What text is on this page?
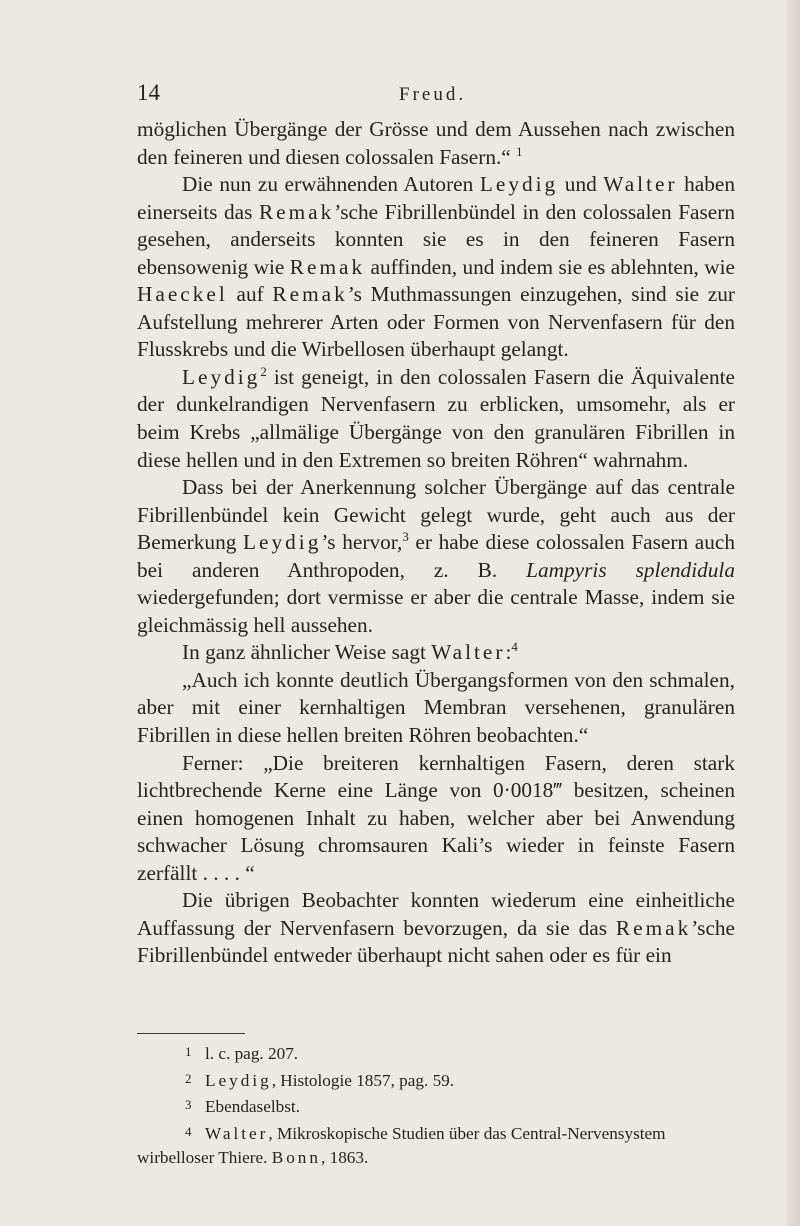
14	Freud.

möglichen Übergänge der Grösse und dem Aussehen nach zwischen den feineren und diesen colossalen Fasern.“ $^1$

Die nun zu erwähnenden Autoren Leydig und Walter haben einerseits das Remak’sche Fibrillenbündel in den colossalen Fasern gesehen, anderseits konnten sie es in den feineren Fasern ebensowenig wie Remak auffinden, und indem sie es ablehnten, wie Haeckel auf Remak’s Muthmassungen einzugehen, sind sie zur Aufstellung mehrerer Arten oder Formen von Nervenfasern für den Flusskrebs und die Wirbellosen überhaupt gelangt.

Leydig$^2$ ist geneigt, in den colossalen Fasern die Äquivalente der dunkelrandigen Nervenfasern zu erblicken, umsomehr, als er beim Krebs „allmälige Übergänge von den granulären Fibrillen in diese hellen und in den Extremen so breiten Röhren“ wahrnahm.

Dass bei der Anerkennung solcher Übergänge auf das centrale Fibrillenbündel kein Gewicht gelegt wurde, geht auch aus der Bemerkung Leydig’s hervor,$^3$ er habe diese colossalen Fasern auch bei anderen Anthropoden, z. B. Lampyris splendidula wiedergefunden; dort vermisse er aber die centrale Masse, indem sie gleichmässig hell aussehen.

In ganz ähnlicher Weise sagt Walter:$^4$

„Auch ich konnte deutlich Übergangsformen von den schmalen, aber mit einer kernhaltigen Membran versehenen, granulären Fibrillen in diese hellen breiten Röhren beobachten.“

Ferner: „Die breiteren kernhaltigen Fasern, deren stark lichtbrechende Kerne eine Länge von 0·0018‴ besitzen, scheinen einen homogenen Inhalt zu haben, welcher aber bei Anwendung schwacher Lösung chromsauren Kali’s wieder in feinste Fasern zerfällt . . . . “

Die übrigen Beobachter konnten wiederum eine einheitliche Auffassung der Nervenfasern bevorzugen, da sie das Remak’sche Fibrillenbündel entweder überhaupt nicht sahen oder es für ein

1 l. c. pag. 207.

2 Leydig, Histologie 1857, pag. 59.

3 Ebendaselbst.

4 Walter, Mikroskopische Studien über das Central-Nervensystem

wirbelloser Thiere. Bonn, 1863.
